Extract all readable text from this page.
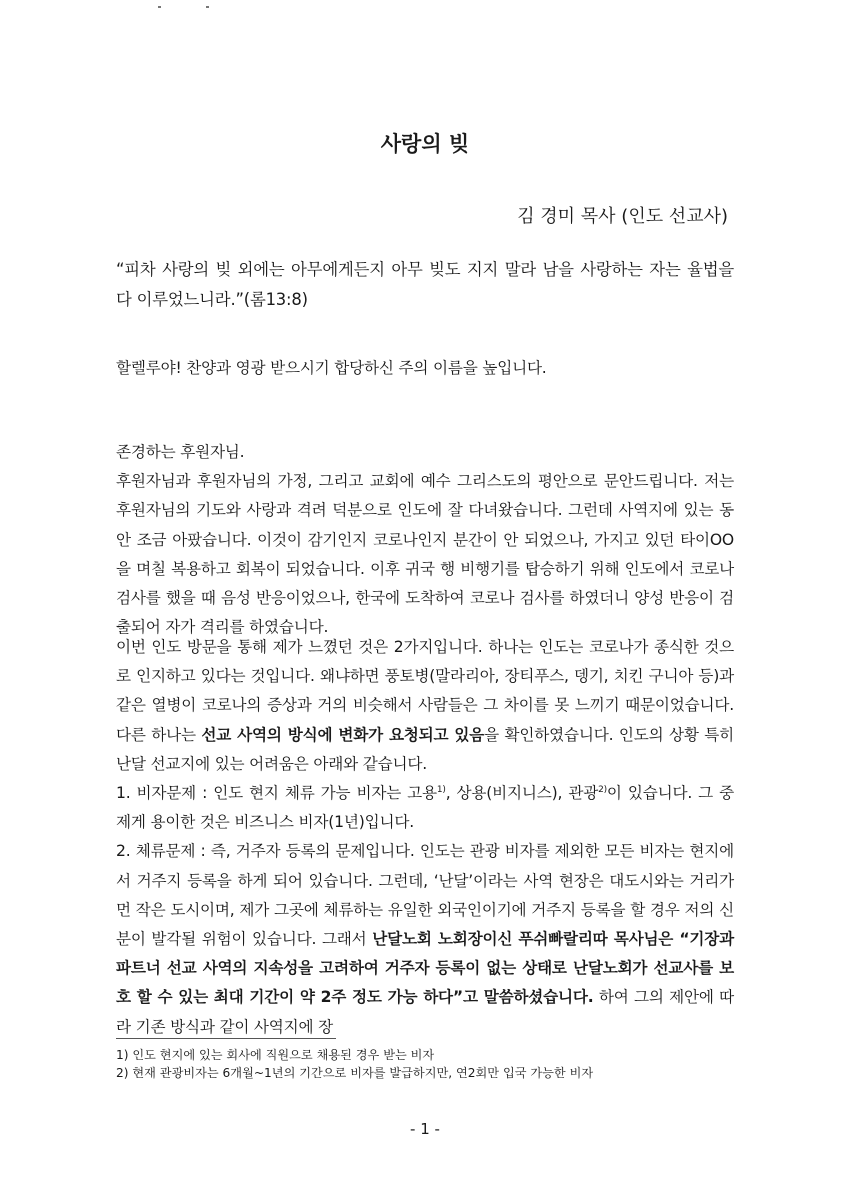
사랑의 빚
김 경미 목사 (인도 선교사)
“피차 사랑의 빚 외에는 아무에게든지 아무 빚도 지지 말라 남을 사랑하는 자는 율법을 다 이루었느니라.”(롬13:8)
할렐루야! 찬양과 영광 받으시기 합당하신 주의 이름을 높입니다.

존경하는 후원자님.

후원자님과 후원자님의 가정, 그리고 교회에 예수 그리스도의 평안으로 문안드립니다. 저는 후원자님의 기도와 사랑과 격려 덕분으로 인도에 잘 다녀왔습니다. 그런데 사역지에 있는 동안 조금 아팠습니다. 이것이 감기인지 코로나인지 분간이 안 되었으나, 가지고 있던 타이OO을 며칠 복용하고 회복이 되었습니다. 이후 귀국 행 비행기를 탑승하기 위해 인도에서 코로나 검사를 했을 때 음성 반응이었으나, 한국에 도착하여 코로나 검사를 하였더니 양성 반응이 검출되어 자가 격리를 하였습니다.

이번 인도 방문을 통해 제가 느꼈던 것은 2가지입니다. 하나는 인도는 코로나가 종식한 것으로 인지하고 있다는 것입니다. 왜냐하면 풍토병(말라리아, 장티푸스, 뎅기, 치킨 구니아 등)과 같은 열병이 코로나의 증상과 거의 비슷해서 사람들은 그 차이를 못 느끼기 때문이었습니다. 다른 하나는 선교 사역의 방식에 변화가 요청되고 있음을 확인하였습니다. 인도의 상황 특히 난달 선교지에 있는 어려움은 아래와 같습니다.

1. 비자문제 : 인도 현지 체류 가능 비자는 고용$^{1)}$, 상용(비지니스), 관광$^{2)}$이 있습니다. 그 중 제게 용이한 것은 비즈니스 비자(1년)입니다.

2. 체류문제 : 즉, 거주자 등록의 문제입니다. 인도는 관광 비자를 제외한 모든 비자는 현지에서 거주지 등록을 하게 되어 있습니다. 그런데, ‘난달’이라는 사역 현장은 대도시와는 거리가 먼 작은 도시이며, 제가 그곳에 체류하는 유일한 외국인이기에 거주지 등록을 할 경우 저의 신분이 발각될 위험이 있습니다. 그래서 난달노회 노회장이신 푸쉬빠랄리따 목사님은 “기장과 파트너 선교 사역의 지속성을 고려하여 거주자 등록이 없는 상태로 난달노회가 선교사를 보호 할 수 있는 최대 기간이 약 2주 정도 가능 하다”고 말씀하셨습니다. 하여 그의 제안에 따라 기존 방식과 같이 사역지에 장

1) 인도 현지에 있는 회사에 직원으로 채용된 경우 받는 비자
2) 현재 관광비자는 6개월~1년의 기간으로 비자를 발급하지만, 연2회만 입국 가능한 비자
- 1 -
